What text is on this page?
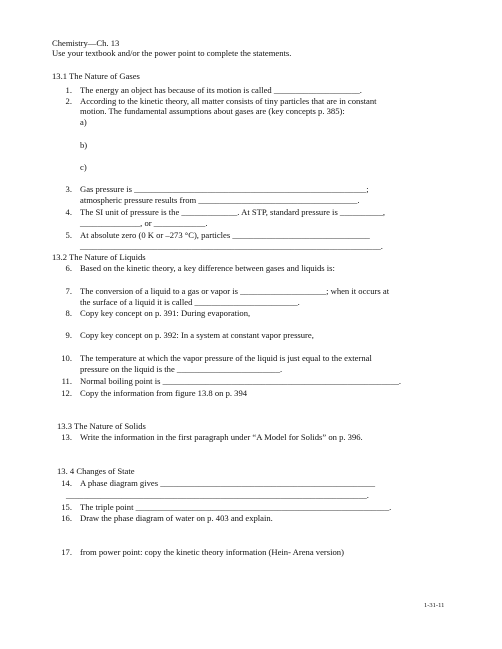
Chemistry—Ch. 13
Use your textbook and/or the power point to complete the statements.
13.1 The Nature of Gases
1. The energy an object has because of its motion is called ____________________.
2. According to the kinetic theory, all matter consists of tiny particles that are in constant
motion. The fundamental assumptions about gases are (key concepts p. 385):
a)
b)
c)
3. Gas pressure is ______________________________________________________;
atmospheric pressure results from _____________________________________.
4. The SI unit of pressure is the _____________. At STP, standard pressure is __________,
______________, or ____________.
5. At absolute zero (0 K or –273 °C), particles ________________________________
______________________________________________________________________.
13.2 The Nature of Liquids
6. Based on the kinetic theory, a key difference between gases and liquids is:
7. The conversion of a liquid to a gas or vapor is ____________________; when it occurs at
the surface of a liquid it is called ________________________.
8. Copy key concept on p. 391: During evaporation,
9. Copy key concept on p. 392: In a system at constant vapor pressure,
10. The temperature at which the vapor pressure of the liquid is just equal to the external
pressure on the liquid is the ________________________.
11. Normal boiling point is _______________________________________________________.
12. Copy the information from figure 13.8 on p. 394
13.3 The Nature of Solids
13. Write the information in the first paragraph under “A Model for Solids” on p. 396.
13. 4 Changes of State
14. A phase diagram gives __________________________________________________
______________________________________________________________________.
15. The triple point ___________________________________________________________.
16. Draw the phase diagram of water on p. 403 and explain.
17. from power point: copy the kinetic theory information (Hein- Arena version)
1-31-11
